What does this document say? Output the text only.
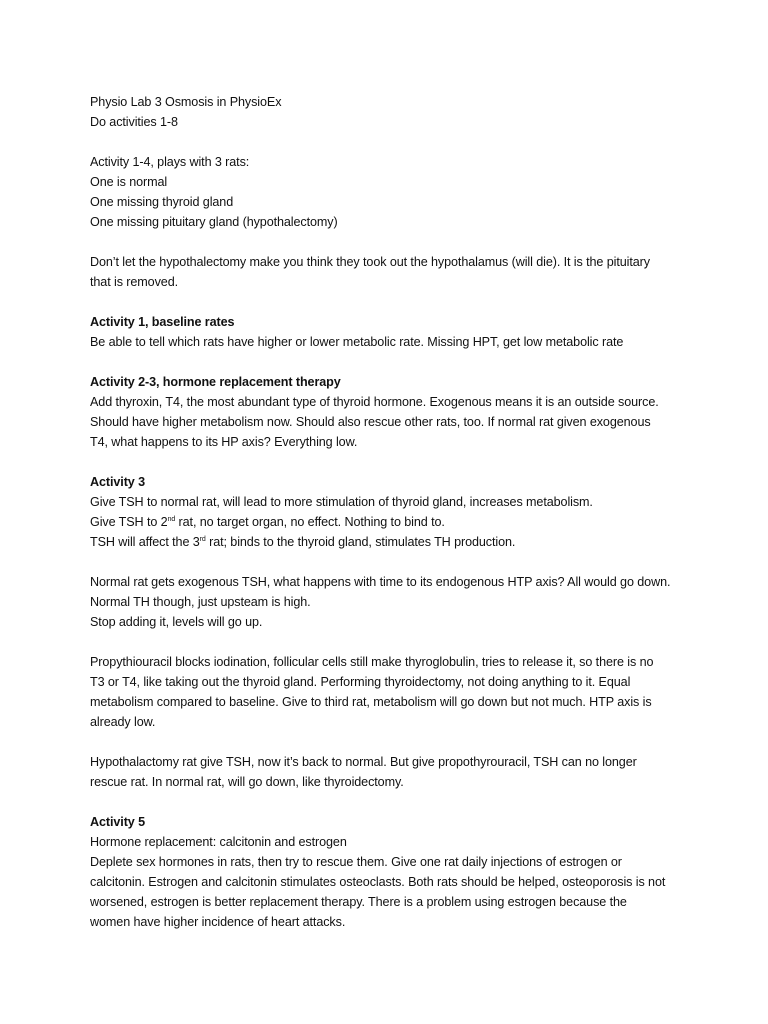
Physio Lab 3 Osmosis in PhysioEx
Do activities 1-8
Activity 1-4, plays with 3 rats:
One is normal
One missing thyroid gland
One missing pituitary gland (hypothalectomy)
Don’t let the hypothalectomy make you think they took out the hypothalamus (will die). It is the pituitary
that is removed.
Activity 1, baseline rates
Be able to tell which rats have higher or lower metabolic rate. Missing HPT, get low metabolic rate
Activity 2-3, hormone replacement therapy
Add thyroxin, T4, the most abundant type of thyroid hormone. Exogenous means it is an outside source.
Should have higher metabolism now. Should also rescue other rats, too. If normal rat given exogenous
T4, what happens to its HP axis? Everything low.
Activity 3
Give TSH to normal rat, will lead to more stimulation of thyroid gland, increases metabolism.
Give TSH to 2nd rat, no target organ, no effect. Nothing to bind to.
TSH will affect the 3rd rat; binds to the thyroid gland, stimulates TH production.
Normal rat gets exogenous TSH, what happens with time to its endogenous HTP axis? All would go down.
Normal TH though, just upsteam is high.
Stop adding it, levels will go up.
Propythiouracil blocks iodination, follicular cells still make thyroglobulin, tries to release it, so there is no
T3 or T4, like taking out the thyroid gland. Performing thyroidectomy, not doing anything to it. Equal
metabolism compared to baseline. Give to third rat, metabolism will go down but not much. HTP axis is
already low.
Hypothalactomy rat give TSH, now it’s back to normal. But give propothyrouracil, TSH can no longer
rescue rat. In normal rat, will go down, like thyroidectomy.
Activity 5
Hormone replacement: calcitonin and estrogen
Deplete sex hormones in rats, then try to rescue them. Give one rat daily injections of estrogen or
calcitonin. Estrogen and calcitonin stimulates osteoclasts. Both rats should be helped, osteoporosis is not
worsened, estrogen is better replacement therapy. There is a problem using estrogen because the
women have higher incidence of heart attacks.
